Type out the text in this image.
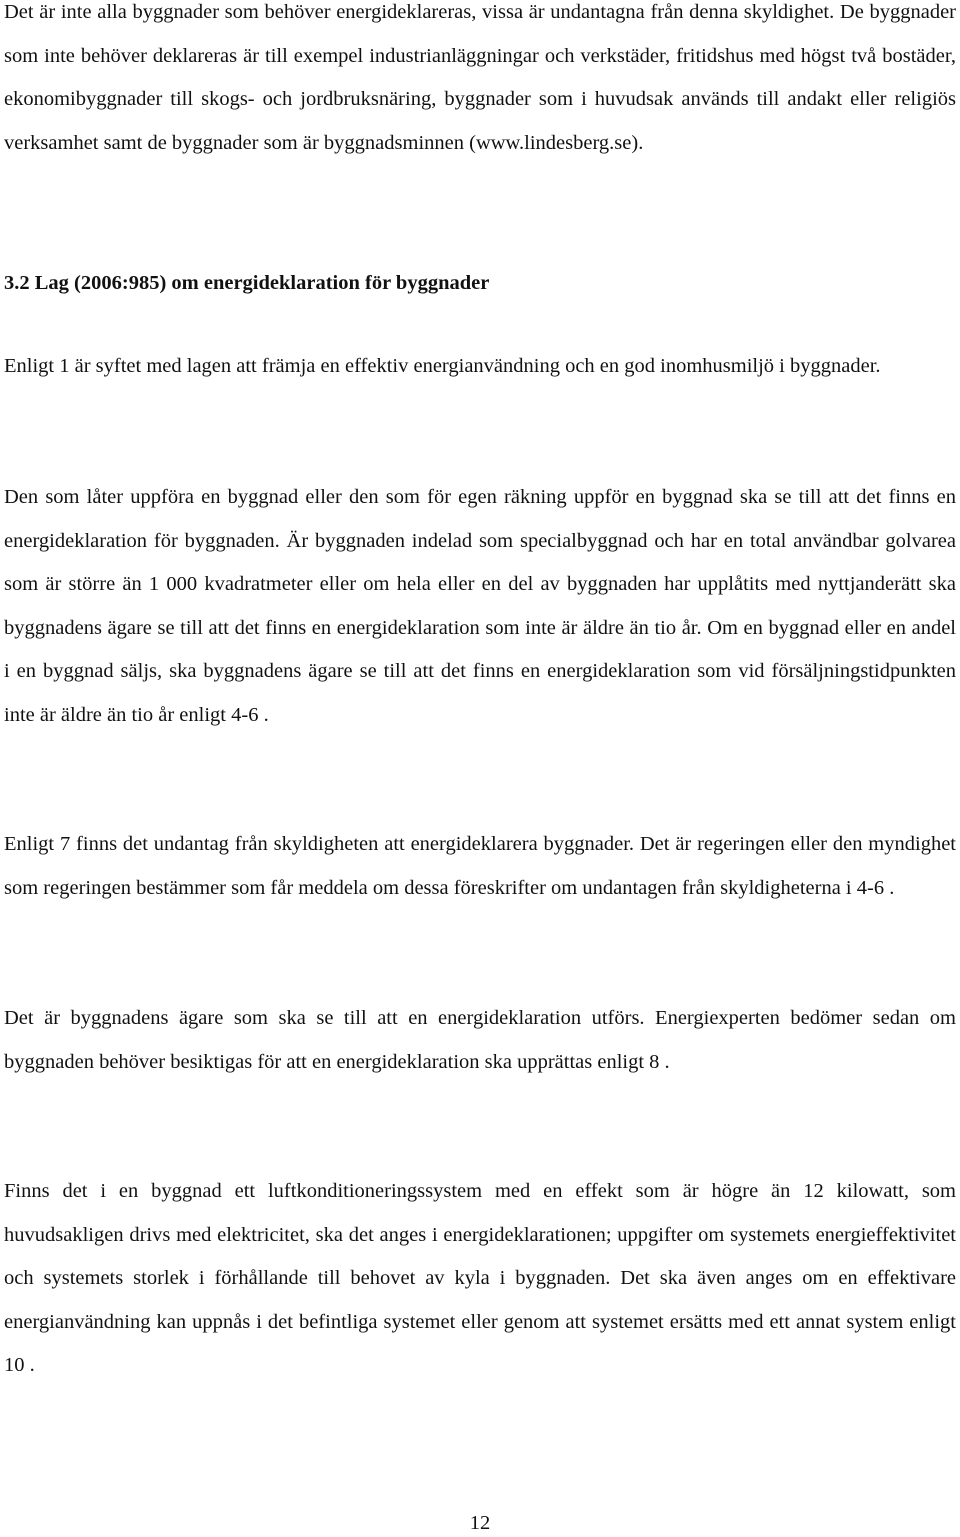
Det är inte alla byggnader som behöver energideklareras, vissa är undantagna från denna skyldighet. De byggnader som inte behöver deklareras är till exempel industrianläggningar och verkstäder, fritidshus med högst två bostäder, ekonomibyggnader till skogs- och jordbruksnäring, byggnader som i huvudsak används till andakt eller religiös verksamhet samt de byggnader som är byggnadsminnen (www.lindesberg.se).

3.2 Lag (2006:985) om energideklaration för byggnader

Enligt 1 är syftet med lagen att främja en effektiv energianvändning och en god inomhusmiljö i byggnader.

Den som låter uppföra en byggnad eller den som för egen räkning uppför en byggnad ska se till att det finns en energideklaration för byggnaden. Är byggnaden indelad som specialbyggnad och har en total användbar golvarea som är större än 1 000 kvadratmeter eller om hela eller en del av byggnaden har upplåtits med nyttjanderätt ska byggnadens ägare se till att det finns en energideklaration som inte är äldre än tio år. Om en byggnad eller en andel i en byggnad säljs, ska byggnadens ägare se till att det finns en energideklaration som vid försäljningstidpunkten inte är äldre än tio år enligt 4-6 .

Enligt 7 finns det undantag från skyldigheten att energideklarera byggnader. Det är regeringen eller den myndighet som regeringen bestämmer som får meddela om dessa föreskrifter om undantagen från skyldigheterna i 4-6 .

Det är byggnadens ägare som ska se till att en energideklaration utförs. Energiexperten bedömer sedan om byggnaden behöver besiktigas för att en energideklaration ska upprättas enligt 8 .

Finns det i en byggnad ett luftkonditioneringssystem med en effekt som är högre än 12 kilowatt, som huvudsakligen drivs med elektricitet, ska det anges i energideklarationen; uppgifter om systemets energieffektivitet och systemets storlek i förhållande till behovet av kyla i byggnaden. Det ska även anges om en effektivare energianvändning kan uppnås i det befintliga systemet eller genom att systemet ersätts med ett annat system enligt 10 .

12
